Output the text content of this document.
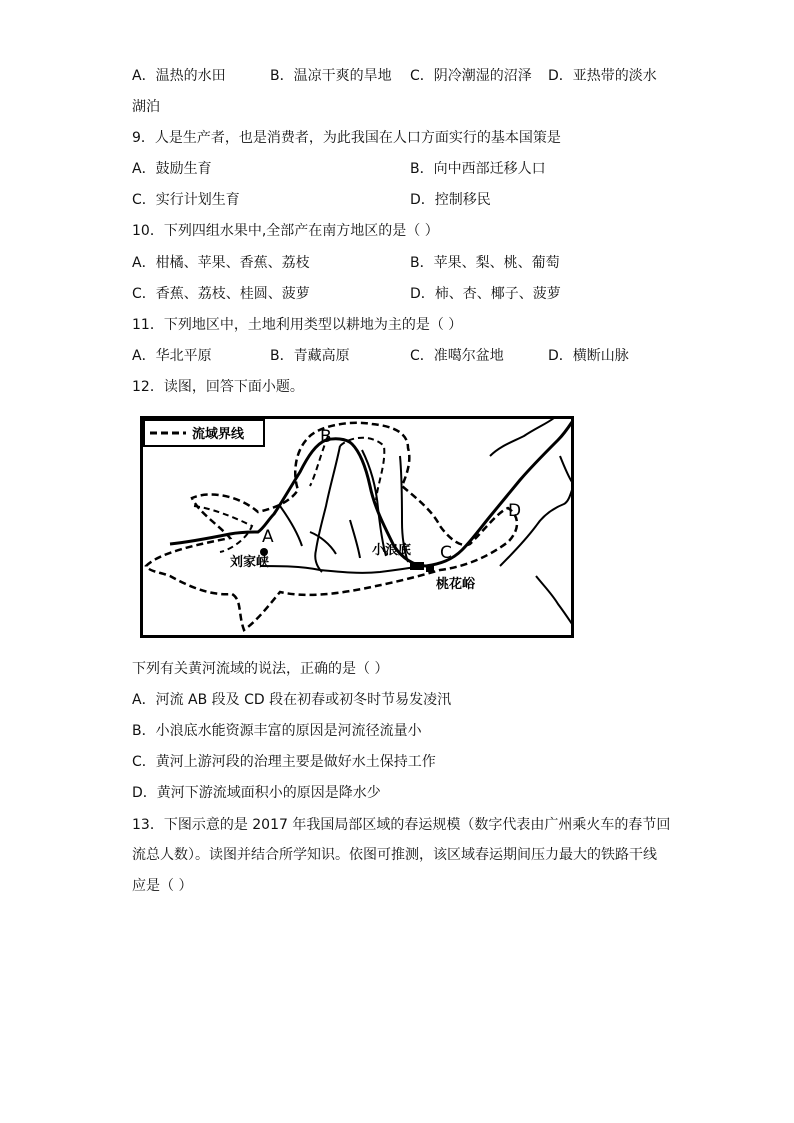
A．温热的水田	B．温凉干爽的旱地 C．阴冷潮湿的沼泽 D．亚热带的淡水
湖泊
9．人是生产者，也是消费者，为此我国在人口方面实行的基本国策是
A．鼓励生育	B．向中西部迁移人口
C．实行计划生育	D．控制移民
10．下列四组水果中,全部产在南方地区的是（ ）
A．柑橘、苹果、香蕉、荔枝	B．苹果、梨、桃、葡萄
C．香蕉、荔枝、桂圆、菠萝	D．柿、杏、椰子、菠萝
11．下列地区中，土地利用类型以耕地为主的是（ ）
A．华北平原	B．青藏高原	C．准噶尔盆地	D．横断山脉
12．读图，回答下面小题。
流域界线
A
B
C
D
刘家峡
小浪底
桃花峪
下列有关黄河流域的说法，正确的是（ ）
A．河流 AB 段及 CD 段在初春或初冬时节易发凌汛
B．小浪底水能资源丰富的原因是河流径流量小
C．黄河上游河段的治理主要是做好水土保持工作
D．黄河下游流域面积小的原因是降水少
13．下图示意的是 2017 年我国局部区域的春运规模（数字代表由广州乘火车的春节回
流总人数）。读图并结合所学知识。依图可推测，该区域春运期间压力最大的铁路干线
应是（ ）
